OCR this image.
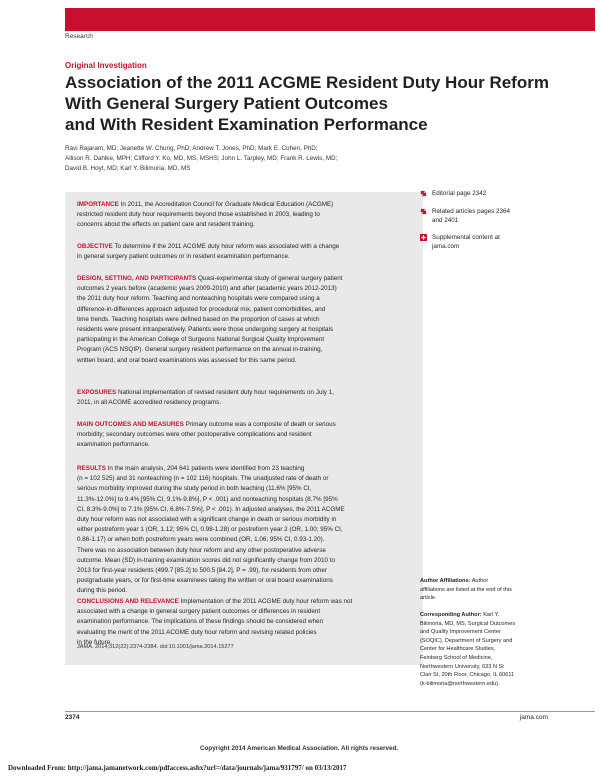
Research
Original Investigation
Association of the 2011 ACGME Resident Duty Hour Reform
With General Surgery Patient Outcomes
and With Resident Examination Performance
Ravi Rajaram, MD; Jeanette W. Chung, PhD; Andrew T. Jones, PhD; Mark E. Cohen, PhD;
Allison R. Dahlke, MPH; Clifford Y. Ko, MD, MS, MSHS; John L. Tarpley, MD; Frank R. Lewis, MD;
David B. Hoyt, MD; Karl Y. Bilimoria, MD, MS
IMPORTANCE In 2011, the Accreditation Council for Graduate Medical Education (ACGME)
restricted resident duty hour requirements beyond those established in 2003, leading to
concerns about the effects on patient care and resident training.
OBJECTIVE To determine if the 2011 ACGME duty hour reform was associated with a change
in general surgery patient outcomes or in resident examination performance.
DESIGN, SETTING, AND PARTICIPANTS Quasi-experimental study of general surgery patient
outcomes 2 years before (academic years 2009-2010) and after (academic years 2012-2013)
the 2011 duty hour reform. Teaching and nonteaching hospitals were compared using a
difference-in-differences approach adjusted for procedural mix, patient comorbidities, and
time trends. Teaching hospitals were defined based on the proportion of cases at which
residents were present intraoperatively. Patients were those undergoing surgery at hospitals
participating in the American College of Surgeons National Surgical Quality Improvement
Program (ACS NSQIP). General surgery resident performance on the annual in-training,
written board, and oral board examinations was assessed for this same period.
EXPOSURES National implementation of revised resident duty hour requirements on July 1,
2011, in all ACGME accredited residency programs.
MAIN OUTCOMES AND MEASURES Primary outcome was a composite of death or serious
morbidity; secondary outcomes were other postoperative complications and resident
examination performance.
RESULTS In the main analysis, 204 641 patients were identified from 23 teaching
(n = 102 525) and 31 nonteaching (n = 102 116) hospitals. The unadjusted rate of death or
serious morbidity improved during the study period in both teaching (11.6% [95% CI,
11.3%-12.0%] to 9.4% [95% CI, 9.1%-9.8%], P < .001) and nonteaching hospitals (8.7% [95%
CI, 8.3%-9.0%] to 7.1% [95% CI, 6.8%-7.5%], P < .001). In adjusted analyses, the 2011 ACGME
duty hour reform was not associated with a significant change in death or serious morbidity in
either postreform year 1 (OR, 1.12; 95% CI, 0.98-1.28) or postreform year 2 (OR, 1.00; 95% CI,
0.86-1.17) or when both postreform years were combined (OR, 1.06; 95% CI, 0.93-1.20).
There was no association between duty hour reform and any other postoperative adverse
outcome. Mean (SD) in-training examination scores did not significantly change from 2010 to
2013 for first-year residents (499.7 [85.2] to 500.5 [84.2], P = .99), for residents from other
postgraduate years, or for first-time examinees taking the written or oral board examinations
during this period.
CONCLUSIONS AND RELEVANCE Implementation of the 2011 ACGME duty hour reform was not
associated with a change in general surgery patient outcomes or differences in resident
examination performance. The implications of these findings should be considered when
evaluating the merit of the 2011 ACGME duty hour reform and revising related policies
in the future.
JAMA. 2014;312(22):2374-2384. doi:10.1001/jama.2014.15277
Editorial page 2342
Related articles pages 2364
and 2401
Supplemental content at
jama.com
Author Affiliations: Author
affiliations are listed at the end of this
article.
Corresponding Author: Karl Y.
Bilimoria, MD, MS, Surgical Outcomes
and Quality Improvement Center
(SOQIC), Department of Surgery and
Center for Healthcare Studies,
Feinberg School of Medicine,
Northwestern University, 633 N St
Clair St, 20th Floor, Chicago, IL 60611
(k-bilimoria@northwestern.edu).
2374	jama.com
Copyright 2014 American Medical Association. All rights reserved.
Downloaded From: http://jama.jamanetwork.com/pdfaccess.ashx?url=/data/journals/jama/931797/ on 03/13/2017
